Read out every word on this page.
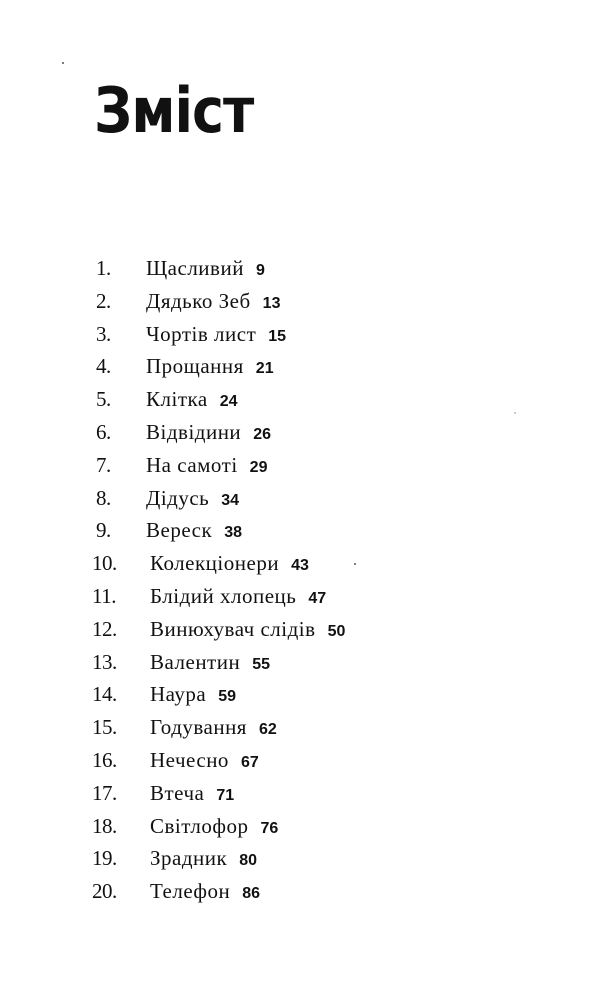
Зміст
1. Щасливий 9
2. Дядько Зеб 13
3. Чортів лист 15
4. Прощання 21
5. Клітка 24
6. Відвідини 26
7. На самоті 29
8. Дідусь 34
9. Вереск 38
10. Колекціонери 43
11. Блідий хлопець 47
12. Винюхувач слідів 50
13. Валентин 55
14. Наура 59
15. Годування 62
16. Нечесно 67
17. Втеча 71
18. Світлофор 76
19. Зрадник 80
20. Телефон 86
